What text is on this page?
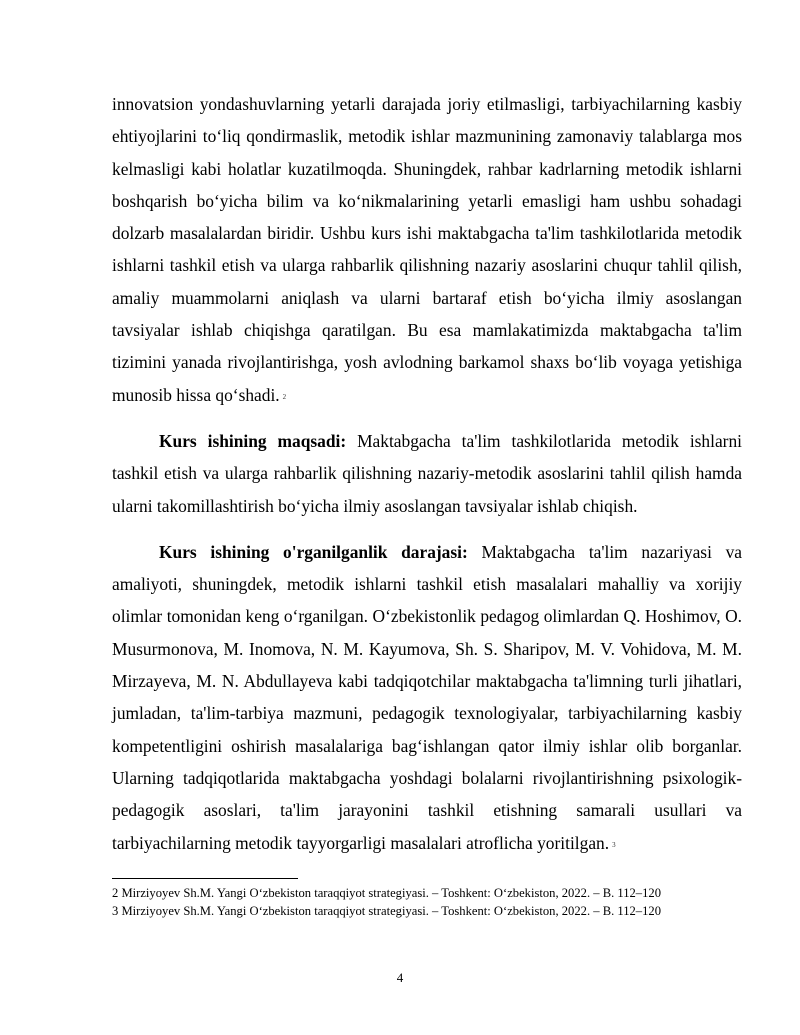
innovatsion yondashuvlarning yetarli darajada joriy etilmasligi, tarbiyachilarning kasbiy ehtiyojlarini to‘liq qondirmaslik, metodik ishlar mazmunining zamonaviy talablarga mos kelmasligi kabi holatlar kuzatilmoqda. Shuningdek, rahbar kadrlarning metodik ishlarni boshqarish bo‘yicha bilim va ko‘nikmalarining yetarli emasligi ham ushbu sohadagi dolzarb masalalardan biridir. Ushbu kurs ishi maktabgacha ta'lim tashkilotlarida metodik ishlarni tashkil etish va ularga rahbarlik qilishning nazariy asoslarini chuqur tahlil qilish, amaliy muammolarni aniqlash va ularni bartaraf etish bo‘yicha ilmiy asoslangan tavsiyalar ishlab chiqishga qaratilgan. Bu esa mamlakatimizda maktabgacha ta'lim tizimini yanada rivojlantirishga, yosh avlodning barkamol shaxs bo‘lib voyaga yetishiga munosib hissa qo‘shadi. $^2$

Kurs ishining maqsadi: Maktabgacha ta'lim tashkilotlarida metodik ishlarni tashkil etish va ularga rahbarlik qilishning nazariy-metodik asoslarini tahlil qilish hamda ularni takomillashtirish bo‘yicha ilmiy asoslangan tavsiyalar ishlab chiqish.

Kurs ishining o'rganilganlik darajasi: Maktabgacha ta'lim nazariyasi va amaliyoti, shuningdek, metodik ishlarni tashkil etish masalalari mahalliy va xorijiy olimlar tomonidan keng o‘rganilgan. O‘zbekistonlik pedagog olimlardan Q. Hoshimov, O. Musurmonova, M. Inomova, N. M. Kayumova, Sh. S. Sharipov, M. V. Vohidova, M. M. Mirzayeva, M. N. Abdullayeva kabi tadqiqotchilar maktabgacha ta'limning turli jihatlari, jumladan, ta'lim-tarbiya mazmuni, pedagogik texnologiyalar, tarbiyachilarning kasbiy kompetentligini oshirish masalalariga bag‘ishlangan qator ilmiy ishlar olib borganlar. Ularning tadqiqotlarida maktabgacha yoshdagi bolalarni rivojlantirishning psixologik-pedagogik asoslari, ta'lim jarayonini tashkil etishning samarali usullari va tarbiyachilarning metodik tayyorgarligi masalalari atroflicha yoritilgan. $^3$

2 Mirziyoyev Sh.M. Yangi O‘zbekiston taraqqiyot strategiyasi. – Toshkent: O‘zbekiston, 2022. – B. 112–120
3 Mirziyoyev Sh.M. Yangi O‘zbekiston taraqqiyot strategiyasi. – Toshkent: O‘zbekiston, 2022. – B. 112–120
4
